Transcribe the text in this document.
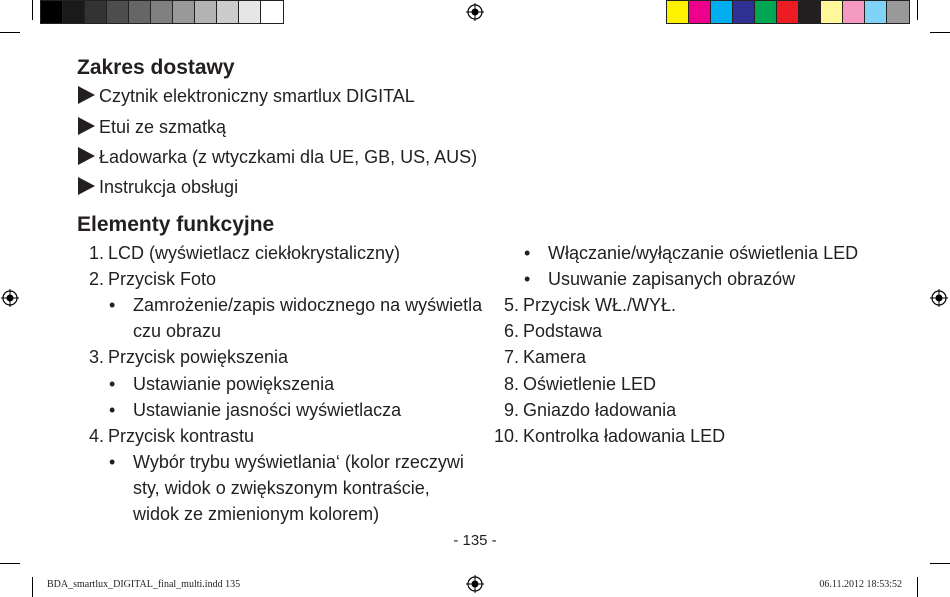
Zakres dostawy
Czytnik elektroniczny smartlux DIGITAL
Etui ze szmatką
Ładowarka (z wtyczkami dla UE, GB, US, AUS)
Instrukcja obsługi
Elementy funkcyjne
1. LCD (wyświetlacz ciekłokrystaliczny)
2. Przycisk Foto
• Zamrożenie/zapis widocznego na wyświetla
czu obrazu
3. Przycisk powiększenia
• Ustawianie powiększenia
• Ustawianie jasności wyświetlacza
4. Przycisk kontrastu
• Wybór trybu wyświetlania‘ (kolor rzeczywi
sty, widok o zwiększonym kontraście,
widok ze zmienionym kolorem)
• Włączanie/wyłączanie oświetlenia LED
• Usuwanie zapisanych obrazów
5. Przycisk WŁ./WYŁ.
6. Podstawa
7. Kamera
8. Oświetlenie LED
9. Gniazdo ładowania
10. Kontrolka ładowania LED
- 135 -
BDA_smartlux_DIGITAL_final_multi.indd 135	06.11.2012 18:53:52
